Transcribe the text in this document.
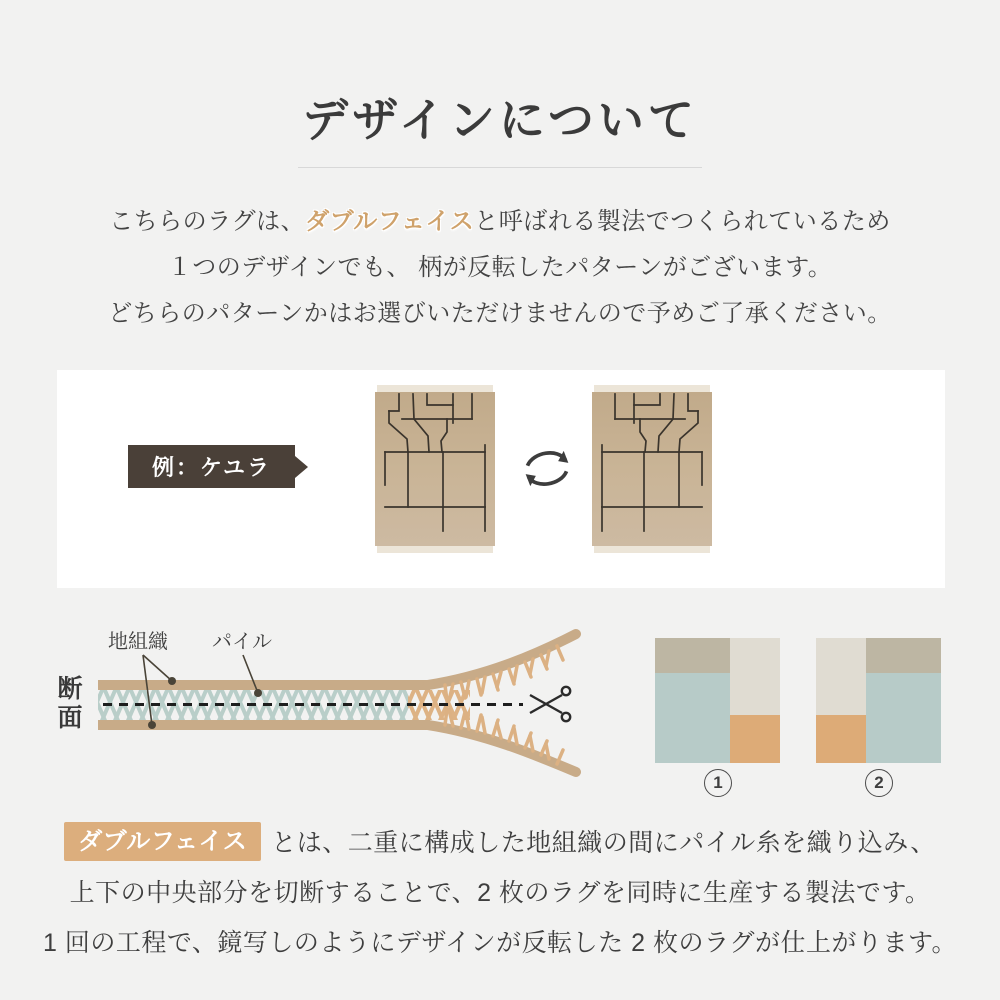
デザインについて

こちらのラグは、ダブルフェイスと呼ばれる製法でつくられているため
１つのデザインでも、 柄が反転したパターンがございます。
どちらのパターンかはお選びいただけませんので予めご了承ください。

例：ケユラ
断面
地組織 パイル
1	2

ダブルフェイス とは、二重に構成した地組織の間にパイル糸を織り込み、
上下の中央部分を切断することで、2 枚のラグを同時に生産する製法です。
1 回の工程で、鏡写しのようにデザインが反転した 2 枚のラグが仕上がります。
